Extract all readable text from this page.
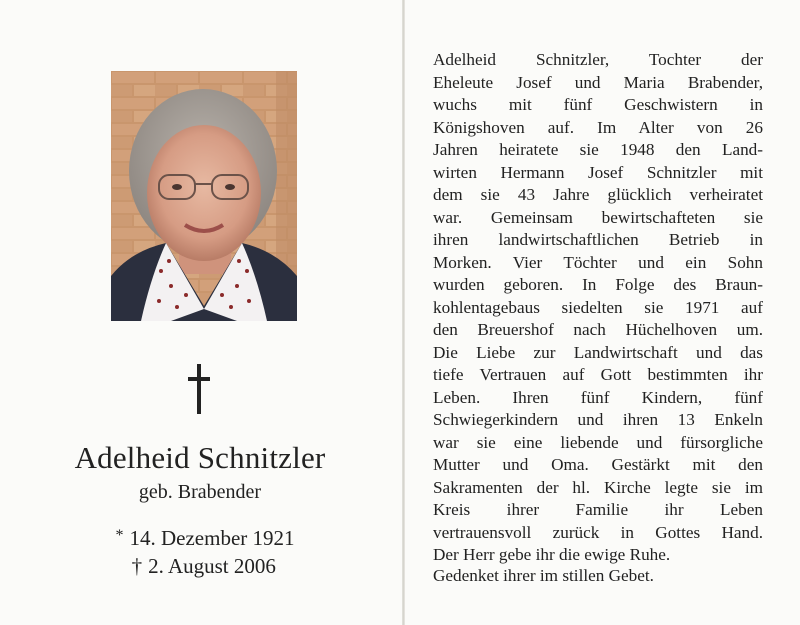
Adelheid Schnitzler
geb. Brabender
* 14. Dezember 1921
† 2. August 2006
Adelheid Schnitzler, Tochter der
Eheleute Josef und Maria Brabender,
wuchs mit fünf Geschwistern in
Königshoven auf. Im Alter von 26
Jahren heiratete sie 1948 den Land-
wirten Hermann Josef Schnitzler mit
dem sie 43 Jahre glücklich verheiratet
war. Gemeinsam bewirtschafteten sie
ihren landwirtschaftlichen Betrieb in
Morken. Vier Töchter und ein Sohn
wurden geboren. In Folge des Braun-
kohlentagebaus siedelten sie 1971 auf
den Breuershof nach Hüchelhoven um.
Die Liebe zur Landwirtschaft und das
tiefe Vertrauen auf Gott bestimmten ihr
Leben. Ihren fünf Kindern, fünf
Schwiegerkindern und ihren 13 Enkeln
war sie eine liebende und fürsorgliche
Mutter und Oma. Gestärkt mit den
Sakramenten der hl. Kirche legte sie im
Kreis ihrer Familie ihr Leben
vertrauensvoll zurück in Gottes Hand.
Der Herr gebe ihr die ewige Ruhe.
Gedenket ihrer im stillen Gebet.
